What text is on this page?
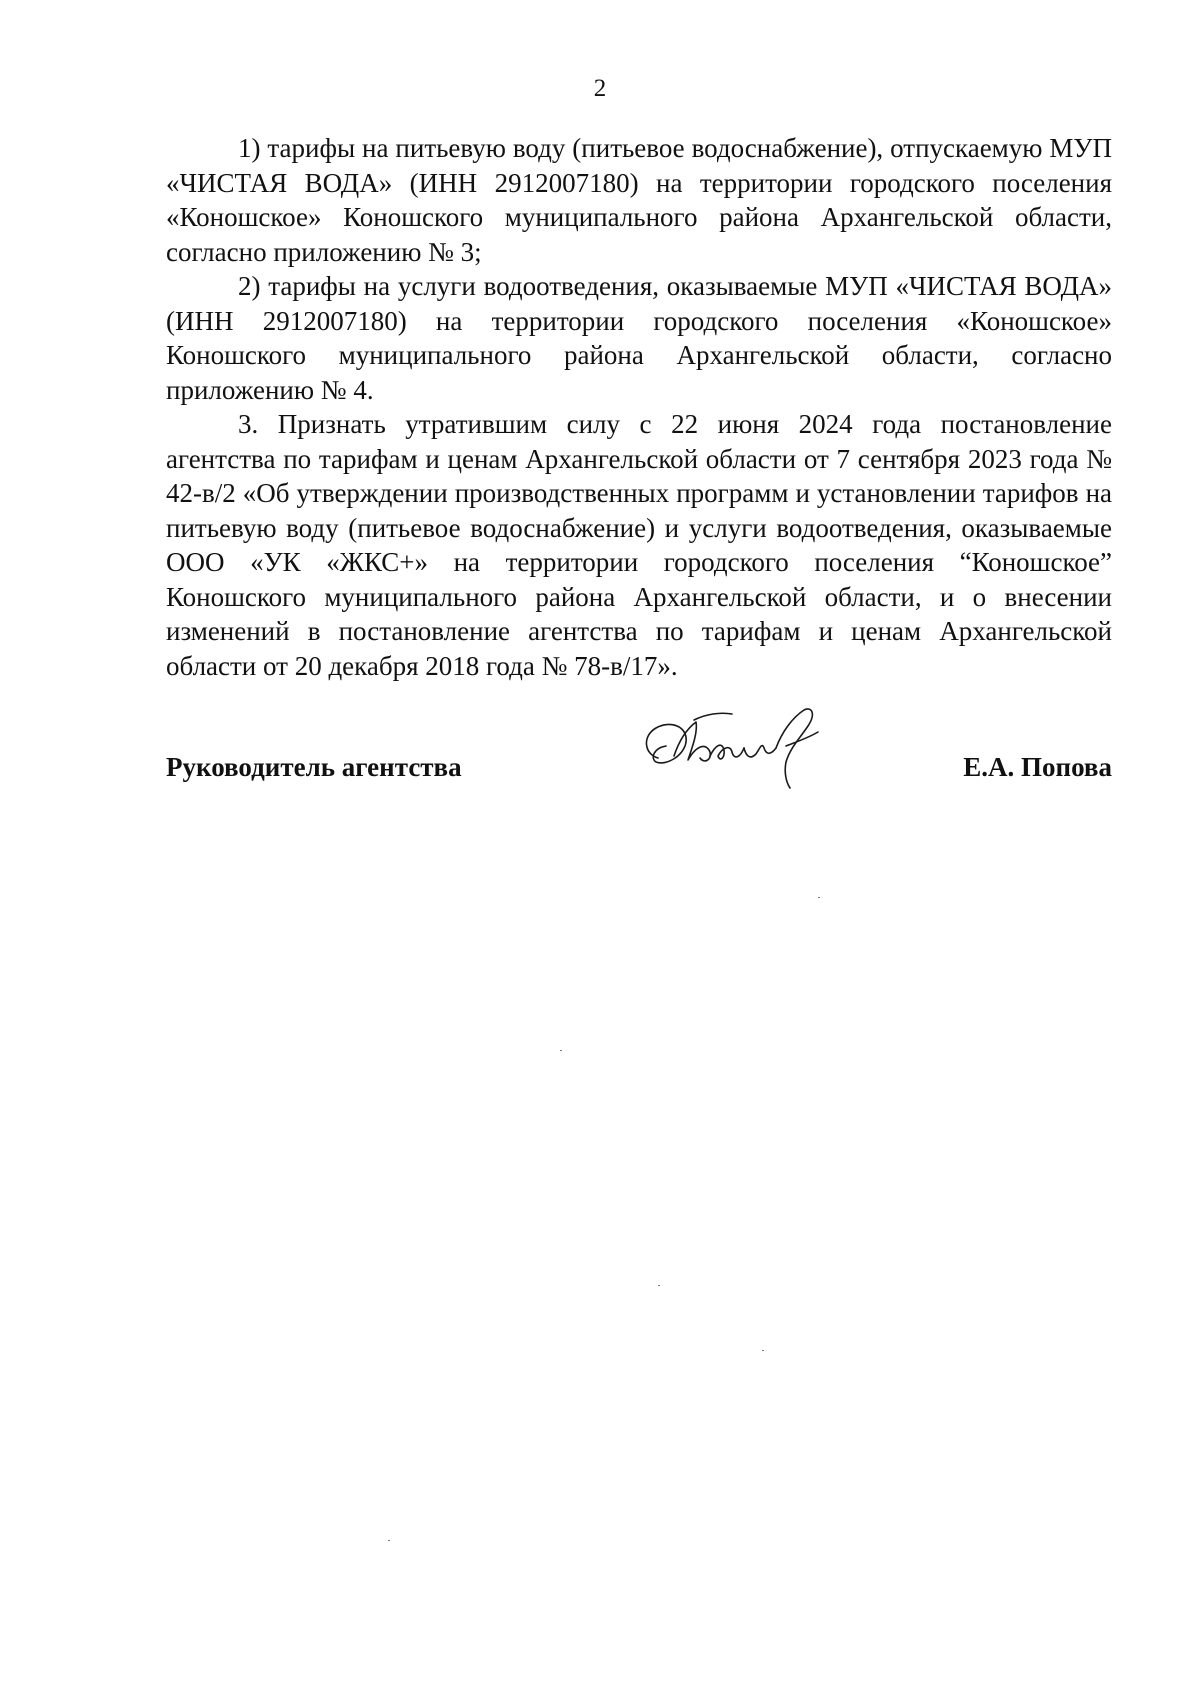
2

1) тарифы на питьевую воду (питьевое водоснабжение), отпускаемую МУП «ЧИСТАЯ ВОДА» (ИНН 2912007180) на территории городского поселения «Коношское» Коношского муниципального района Архангельской области, согласно приложению № 3;

2) тарифы на услуги водоотведения, оказываемые МУП «ЧИСТАЯ ВОДА» (ИНН 2912007180) на территории городского поселения «Коношское» Коношского муниципального района Архангельской области, согласно приложению № 4.

3. Признать утратившим силу с 22 июня 2024 года постановление агентства по тарифам и ценам Архангельской области от 7 сентября 2023 года № 42-в/2 «Об утверждении производственных программ и установлении тарифов на питьевую воду (питьевое водоснабжение) и услуги водоотведения, оказываемые ООО «УК «ЖКС+» на территории городского поселения “Коношское” Коношского муниципального района Архангельской области, и о внесении изменений в постановление агентства по тарифам и ценам Архангельской области от 20 декабря 2018 года № 78-в/17».

Руководитель агентства	Е.А. Попова
